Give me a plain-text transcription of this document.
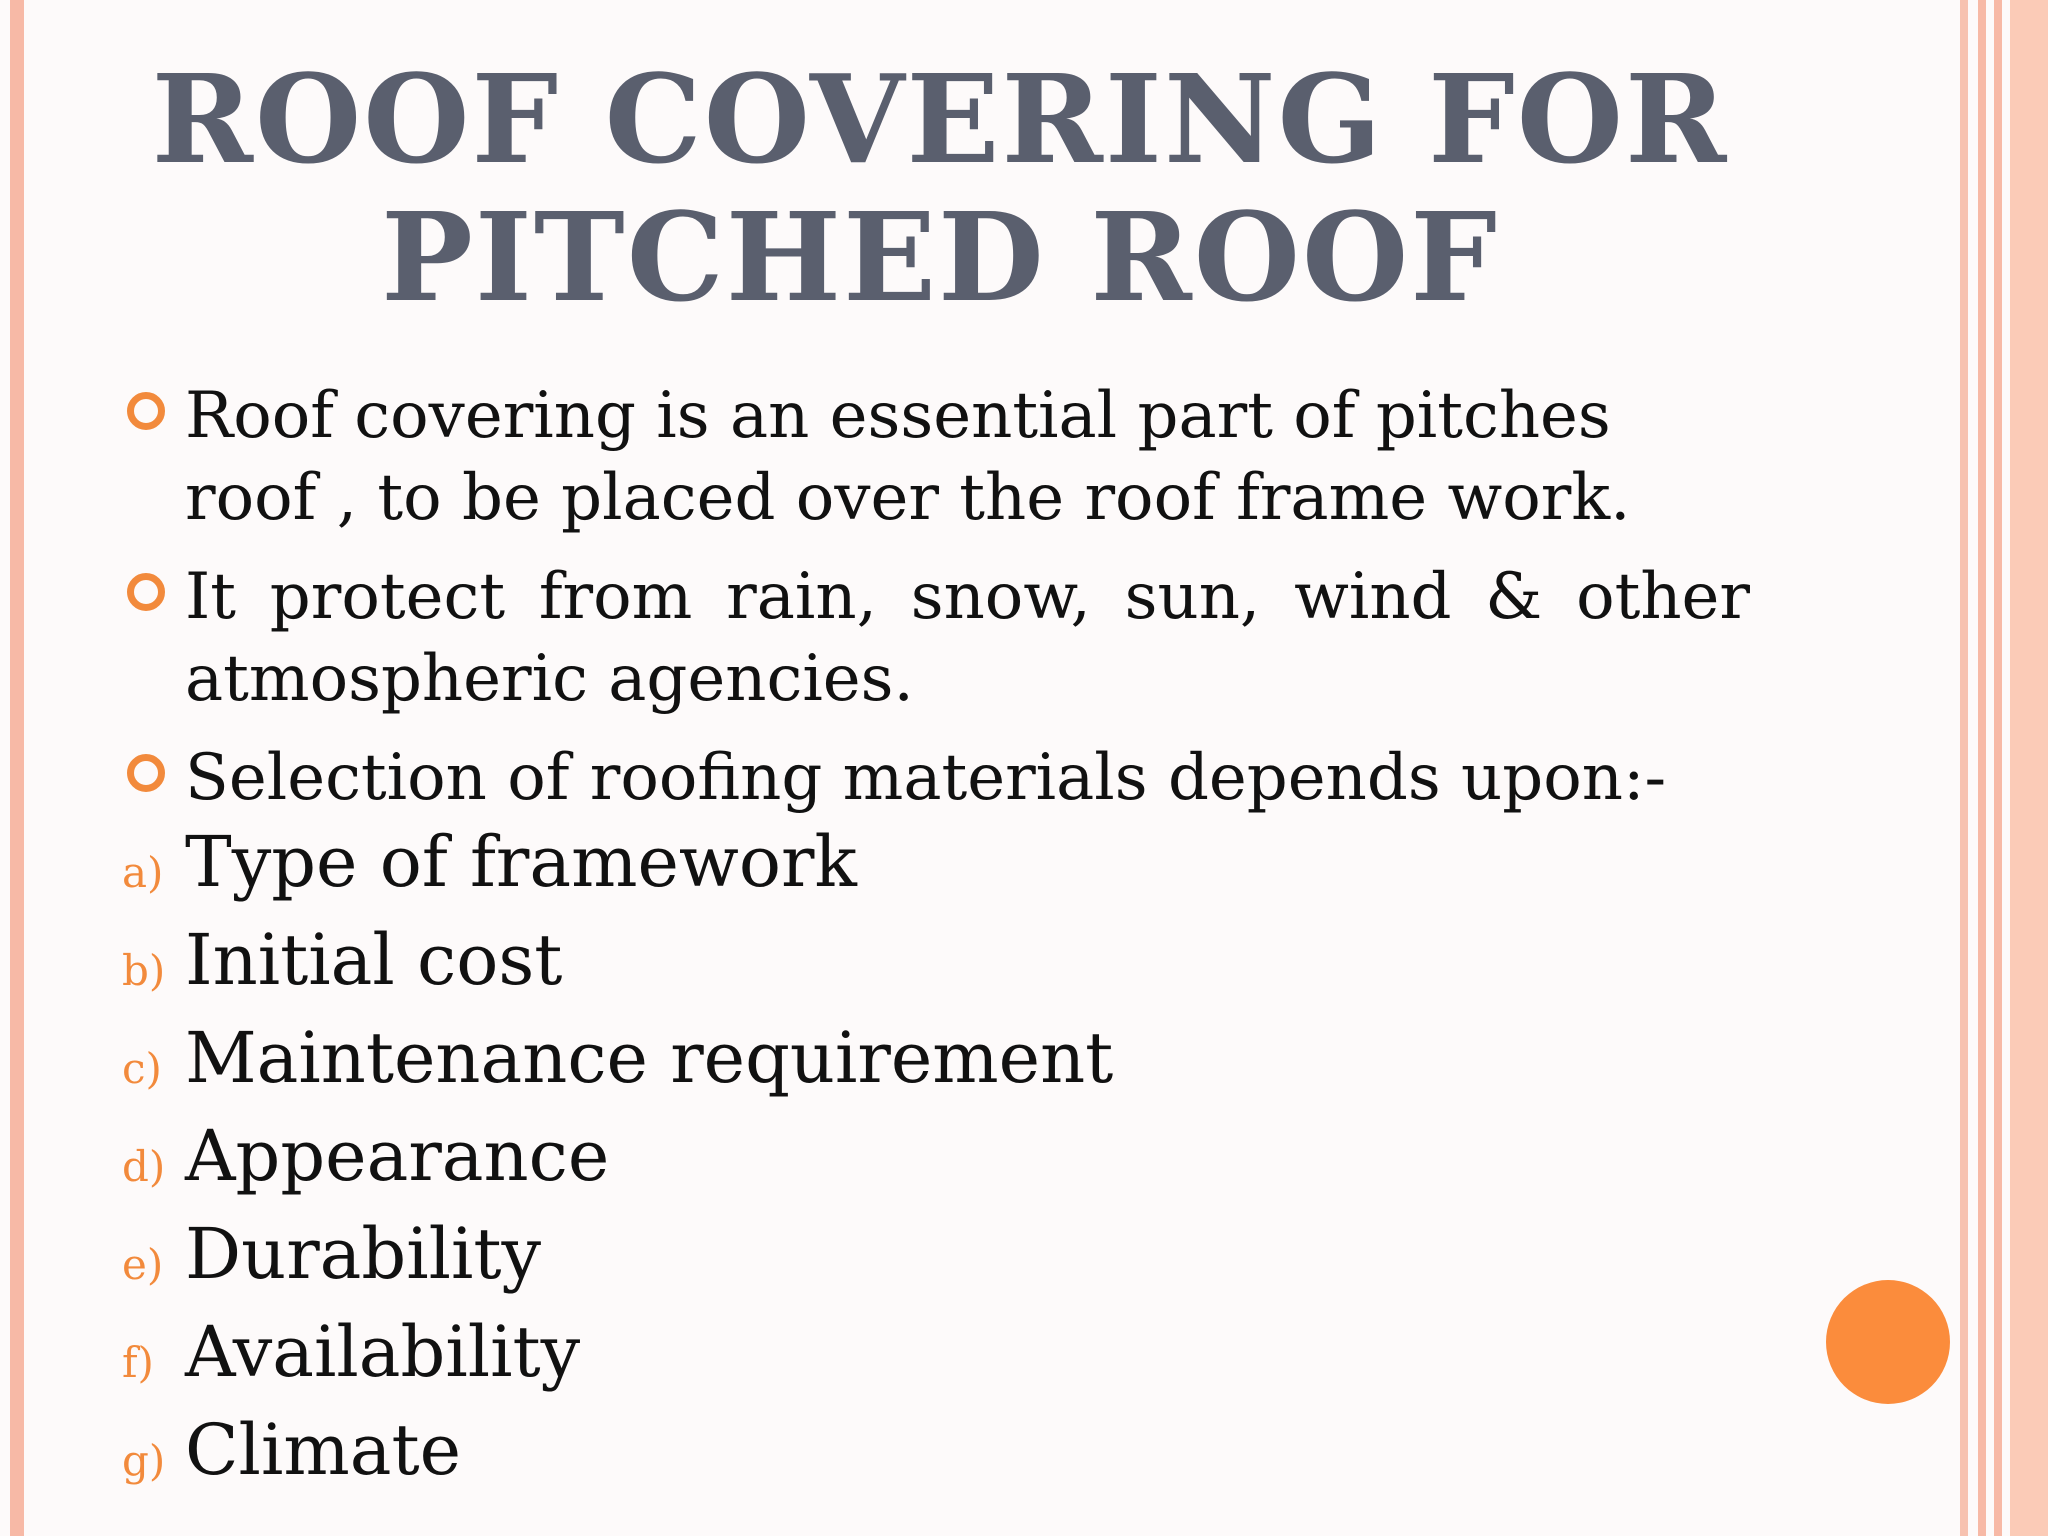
ROOF COVERING FOR
PITCHED ROOF

Roof covering is an essential part of pitches roof , to be placed over the roof frame work.

It protect from rain, snow, sun, wind & other atmospheric agencies.

Selection of roofing materials depends upon:-

a) Type of framework
b) Initial cost
c) Maintenance requirement
d) Appearance
e) Durability
f) Availability
g) Climate
